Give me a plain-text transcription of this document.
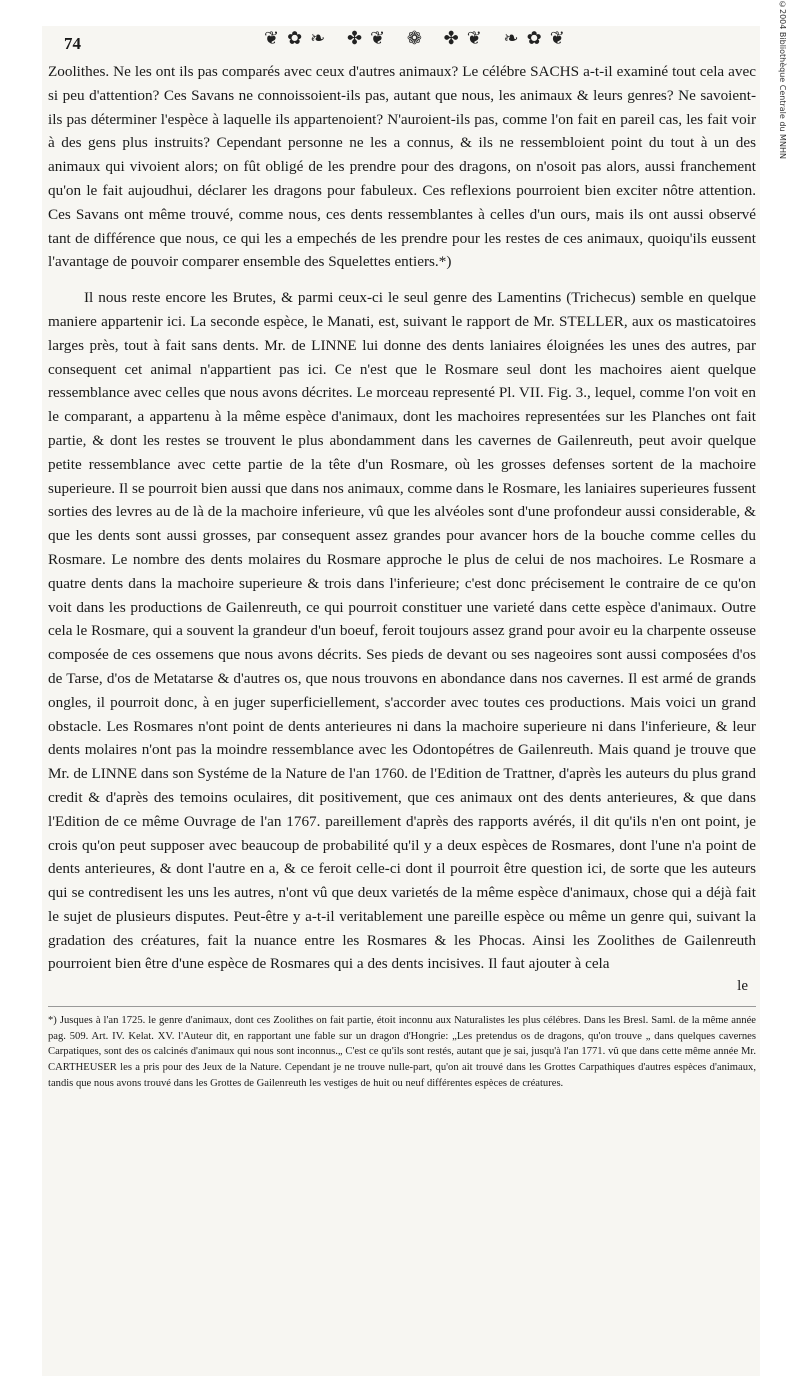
74	❦✿❧ ✤❦ ❁ ✤❦ ❧✿❦

Zoolithes. Ne les ont ils pas comparés avec ceux d'autres animaux? Le célébre SACHS a-t-il examiné tout cela avec si peu d'attention? Ces Savans ne connoissoient-ils pas, autant que nous, les animaux & leurs genres? Ne savoient-ils pas déterminer l'espèce à laquelle ils appartenoient? N'auroient-ils pas, comme l'on fait en pareil cas, les fait voir à des gens plus instruits? Cependant personne ne les a connus, & ils ne ressembloient point du tout à un des animaux qui vivoient alors; on fût obligé de les prendre pour des dragons, on n'osoit pas alors, aussi franchement qu'on le fait aujoudhui, déclarer les dragons pour fabuleux. Ces reflexions pourroient bien exciter nôtre attention. Ces Savans ont même trouvé, comme nous, ces dents ressemblantes à celles d'un ours, mais ils ont aussi observé tant de différence que nous, ce qui les a empechés de les prendre pour les restes de ces animaux, quoiqu'ils eussent l'avantage de pouvoir comparer ensemble des Squelettes entiers.*)

Il nous reste encore les Brutes, & parmi ceux-ci le seul genre des Lamentins (Trichecus) semble en quelque maniere appartenir ici. La seconde espèce, le Manati, est, suivant le rapport de Mr. STELLER, aux os masticatoires larges près, tout à fait sans dents. Mr. de LINNE lui donne des dents laniaires éloignées les unes des autres, par consequent cet animal n'appartient pas ici. Ce n'est que le Rosmare seul dont les machoires aient quelque ressemblance avec celles que nous avons décrites. Le morceau representé Pl. VII. Fig. 3., lequel, comme l'on voit en le comparant, a appartenu à la même espèce d'animaux, dont les machoires representées sur les Planches ont fait partie, & dont les restes se trouvent le plus abondamment dans les cavernes de Gailenreuth, peut avoir quelque petite ressemblance avec cette partie de la tête d'un Rosmare, où les grosses defenses sortent de la machoire superieure. Il se pourroit bien aussi que dans nos animaux, comme dans le Rosmare, les laniaires superieures fussent sorties des levres au de là de la machoire inferieure, vû que les alvéoles sont d'une profondeur aussi considerable, & que les dents sont aussi grosses, par consequent assez grandes pour avancer hors de la bouche comme celles du Rosmare. Le nombre des dents molaires du Rosmare approche le plus de celui de nos machoires. Le Rosmare a quatre dents dans la machoire superieure & trois dans l'inferieure; c'est donc précisement le contraire de ce qu'on voit dans les productions de Gailenreuth, ce qui pourroit constituer une varieté dans cette espèce d'animaux. Outre cela le Rosmare, qui a souvent la grandeur d'un boeuf, feroit toujours assez grand pour avoir eu la charpente osseuse composée de ces ossemens que nous avons décrits. Ses pieds de devant ou ses nageoires sont aussi composées d'os de Tarse, d'os de Metatarse & d'autres os, que nous trouvons en abondance dans nos cavernes. Il est armé de grands ongles, il pourroit donc, à en juger superficiellement, s'accorder avec toutes ces productions. Mais voici un grand obstacle. Les Rosmares n'ont point de dents anterieures ni dans la machoire superieure ni dans l'inferieure, & leur dents molaires n'ont pas la moindre ressemblance avec les Odontopétres de Gailenreuth. Mais quand je trouve que Mr. de LINNE dans son Systéme de la Nature de l'an 1760. de l'Edition de Trattner, d'après les auteurs du plus grand credit & d'après des temoins oculaires, dit positivement, que ces animaux ont des dents anterieures, & que dans l'Edition de ce même Ouvrage de l'an 1767. pareillement d'après des rapports avérés, il dit qu'ils n'en ont point, je crois qu'on peut supposer avec beaucoup de probabilité qu'il y a deux espèces de Rosmares, dont l'une n'a point de dents anterieures, & dont l'autre en a, & ce feroit celle-ci dont il pourroit être question ici, de sorte que les auteurs qui se contredisent les uns les autres, n'ont vû que deux varietés de la même espèce d'animaux, chose qui a déjà fait le sujet de plusieurs disputes. Peut-être y a-t-il veritablement une pareille espèce ou même un genre qui, suivant la gradation des créatures, fait la nuance entre les Rosmares & les Phocas. Ainsi les Zoolithes de Gailenreuth pourroient bien être d'une espèce de Rosmares qui a des dents incisives. Il faut ajouter à cela

le

*) Jusques à l'an 1725. le genre d'animaux, dont ces Zoolithes on fait partie, étoit inconnu aux Naturalistes les plus célébres. Dans les Bresl. Saml. de la même année pag. 509. Art. IV. Kelat. XV. l'Auteur dit, en rapportant une fable sur un dragon d'Hongrie: „Les pretendus os de dragons, qu'on trouve „ dans quelques cavernes Carpatiques, sont des os calcinés d'animaux qui nous sont inconnus.„ C'est ce qu'ils sont restés, autant que je sai, jusqu'à l'an 1771. vû que dans cette même année Mr. CARTHEUSER les a pris pour des Jeux de la Nature. Cependant je ne trouve nulle-part, qu'on ait trouvé dans les Grottes Carpathiques d'autres espèces d'animaux, tandis que nous avons trouvé dans les Grottes de Gailenreuth les vestiges de huit ou neuf différentes espèces de créatures.

©2004 Bibliothèque Centrale du MNHN
